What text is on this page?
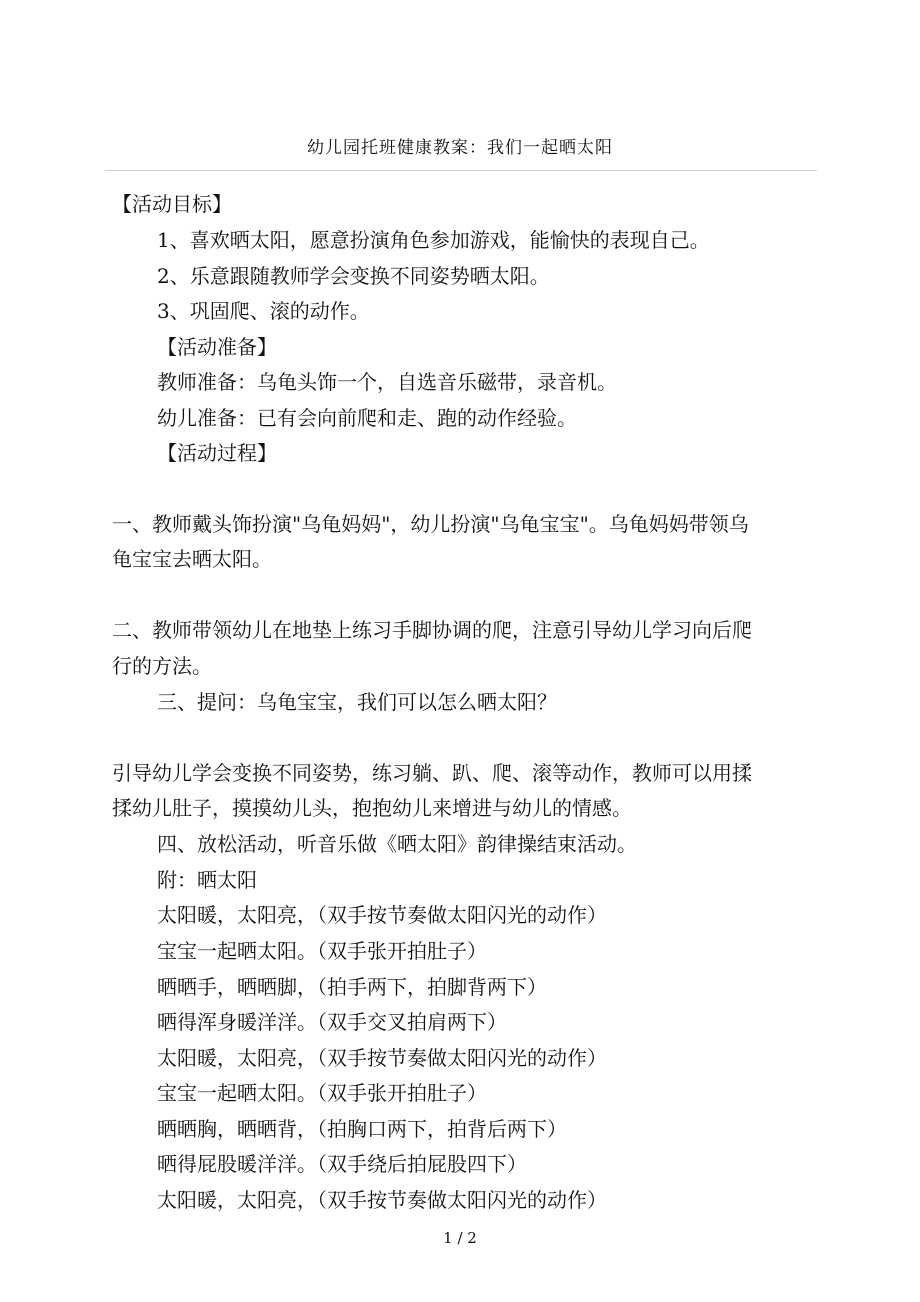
幼儿园托班健康教案：我们一起晒太阳
【活动目标】
1、喜欢晒太阳，愿意扮演角色参加游戏，能愉快的表现自己。
2、乐意跟随教师学会变换不同姿势晒太阳。
3、巩固爬、滚的动作。
【活动准备】
教师准备：乌龟头饰一个，自选音乐磁带，录音机。
幼儿准备：已有会向前爬和走、跑的动作经验。
【活动过程】
一、教师戴头饰扮演"乌龟妈妈"，幼儿扮演"乌龟宝宝"。乌龟妈妈带领乌
龟宝宝去晒太阳。
二、教师带领幼儿在地垫上练习手脚协调的爬，注意引导幼儿学习向后爬
行的方法。
三、提问：乌龟宝宝，我们可以怎么晒太阳？
引导幼儿学会变换不同姿势，练习躺、趴、爬、滚等动作，教师可以用揉
揉幼儿肚子，摸摸幼儿头，抱抱幼儿来增进与幼儿的情感。
四、放松活动，听音乐做《晒太阳》韵律操结束活动。
附：晒太阳
太阳暖，太阳亮，（双手按节奏做太阳闪光的动作）
宝宝一起晒太阳。（双手张开拍肚子）
晒晒手，晒晒脚，（拍手两下，拍脚背两下）
晒得浑身暖洋洋。（双手交叉拍肩两下）
太阳暖，太阳亮，（双手按节奏做太阳闪光的动作）
宝宝一起晒太阳。（双手张开拍肚子）
晒晒胸，晒晒背，（拍胸口两下，拍背后两下）
晒得屁股暖洋洋。（双手绕后拍屁股四下）
太阳暖，太阳亮，（双手按节奏做太阳闪光的动作）
1 / 2
